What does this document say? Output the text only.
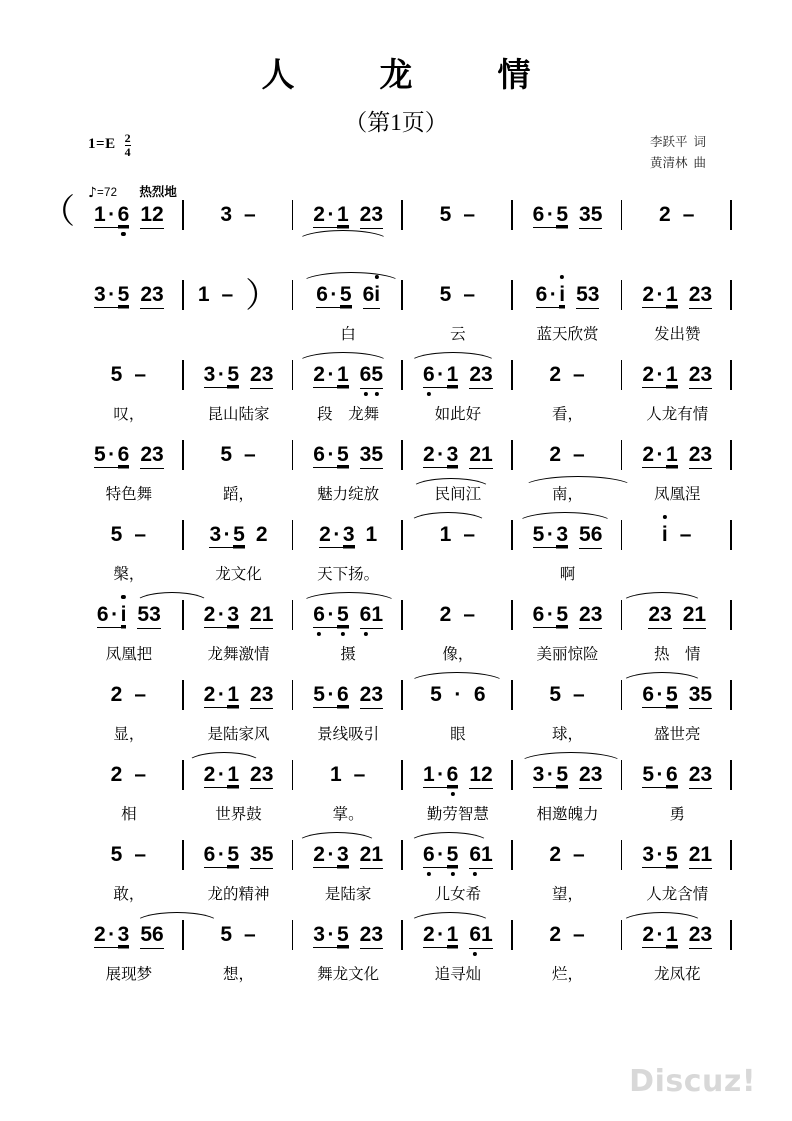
人　龙　情
（第1页）
$1=E \frac{2}{4}$	李跃平 词
黄清林 曲
♪ =72 热烈地
（ 1 · 6 12	3 –	2 · 1 23	5 –	6 · 5 35	2 –
3 · 5 23 1 – ） 6 · 5 6i	5 –	6 · i 53 2 · 1 23
白	云	蓝天欣赏	发出赞
5 –	3 · 5 23 2 · 1 65 6 · 1 23	2 –	2 · 1 23
叹，	昆山陆家	段　龙舞	如此好	看，	人龙有情
5 · 6 23	5 –	6 · 5 35 2 · 3 21	2 –	2 · 1 23
特色舞	蹈，	魅力绽放	民间江	南，	凤凰涅
5 –	3 · 5 2 2 · 3 1	1 –	5 · 3 56	i –
槃，	龙文化	天下扬。	啊
6 · i 53 2 · 3 21 6 · 5 61	2 –	6 · 5 23 23 21
凤凰把	龙舞激情	摄	像，	美丽惊险	热　情
2 –	2 · 1 23 5 · 6 23 5 · 6	5 –	6 · 5 35
显，	是陆家风	景线吸引	眼	球，	盛世亮
2 –	2 · 1 23	1 –	1 · 6 12 3 · 5 23 5 · 6 23
相	世界鼓	掌。	勤劳智慧	相邀魄力	勇
5 –	6 · 5 35 2 · 3 21 6 · 5 61	2 –	3 · 5 21
敢，	龙的精神	是陆家	儿女希	望，	人龙含情
2 · 3 56	5 –	3 · 5 23 2 · 1 61	2 –	2 · 1 23
展现梦	想，	舞龙文化	追寻灿	烂，	龙凤花
Discuz!
